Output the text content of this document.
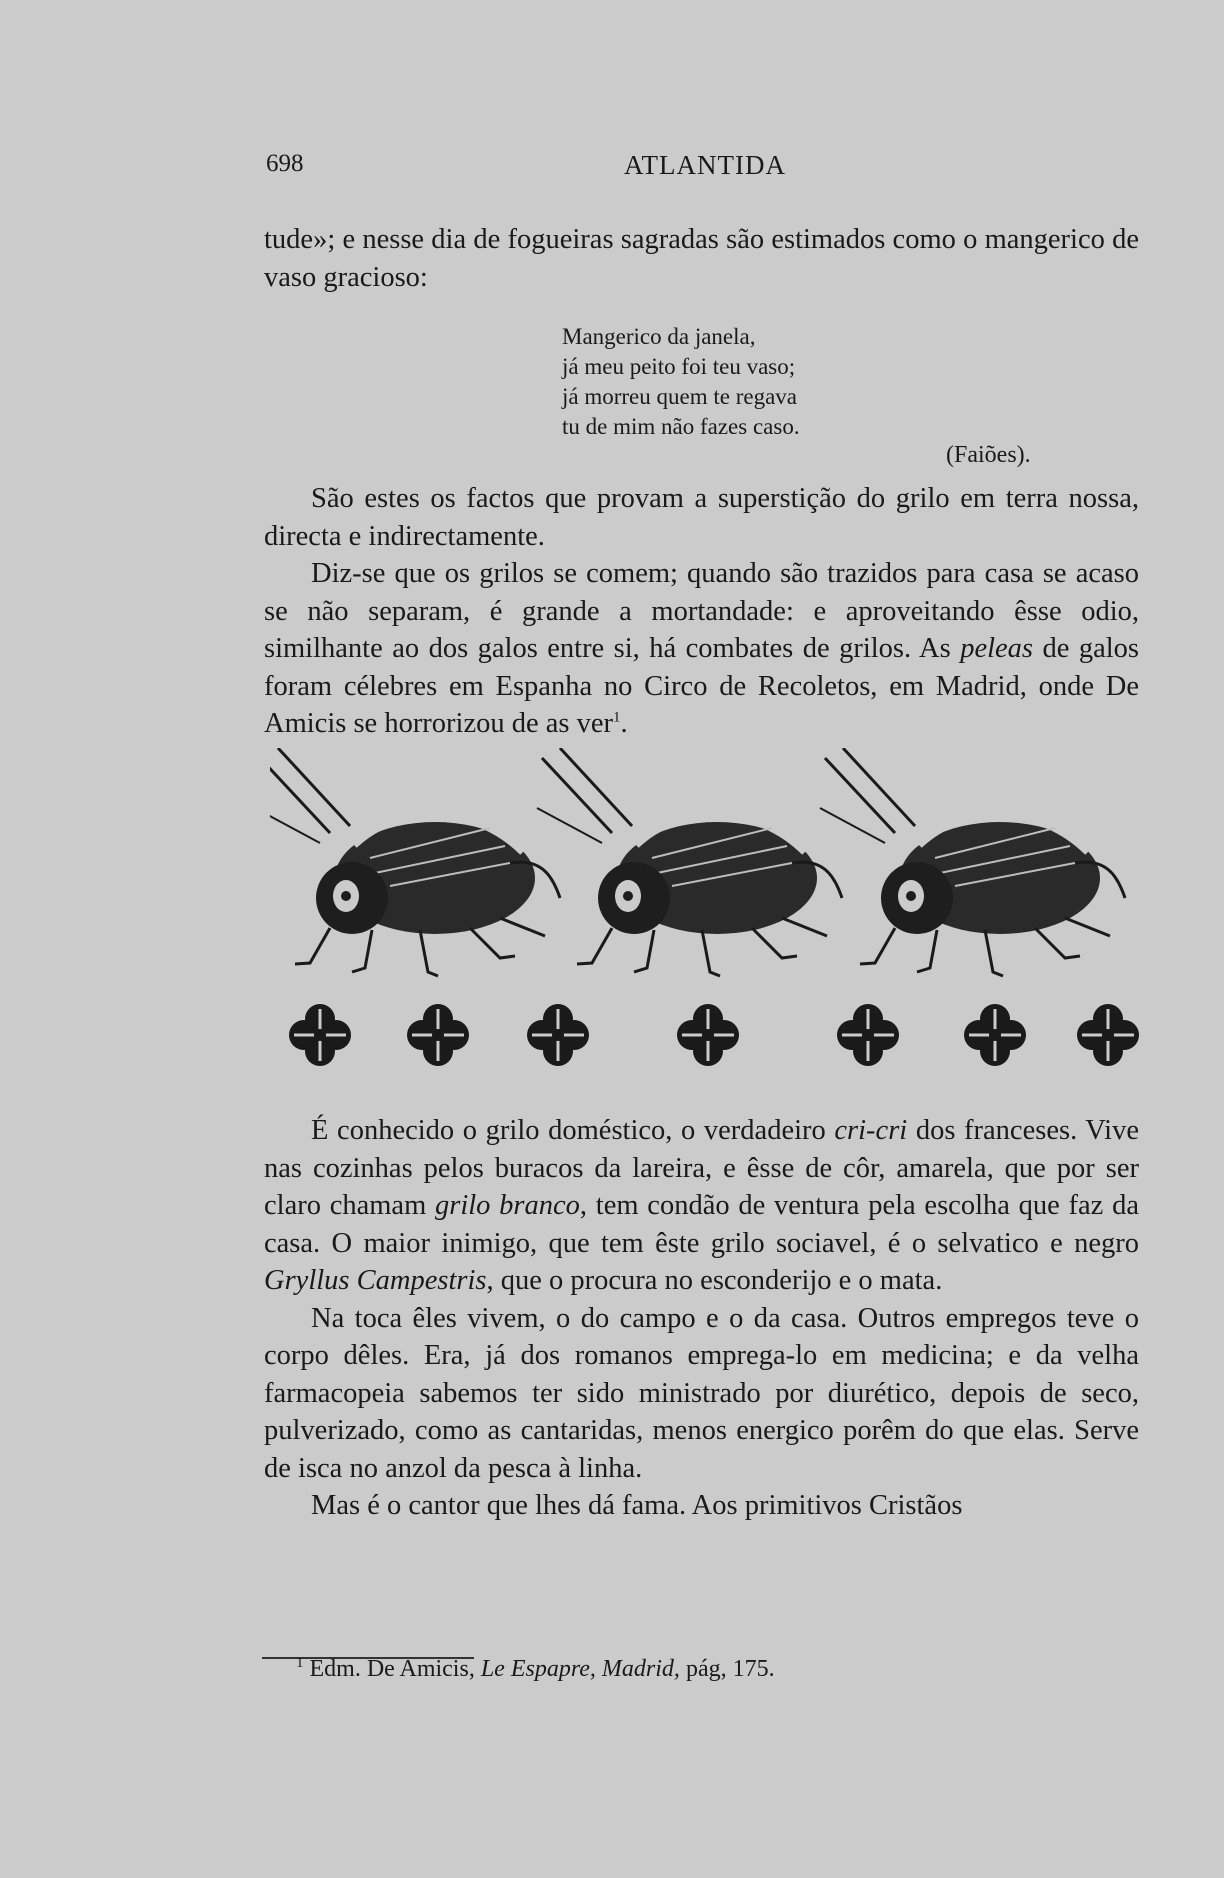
698	ATLANTIDA

tude»; e nesse dia de fogueiras sagradas são estimados como o mangerico de vaso gracioso:

Mangerico da janela,
já meu peito foi teu vaso;
já morreu quem te regava
tu de mim não fazes caso.
(Faiões).

São estes os factos que provam a superstição do grilo em terra nossa, directa e indirectamente.

Diz-se que os grilos se comem; quando são trazidos para casa se acaso se não separam, é grande a mortandade: e aproveitando êsse odio, similhante ao dos galos entre si, há combates de grilos. As peleas de galos foram célebres em Espanha no Circo de Recoletos, em Madrid, onde De Amicis se horrorizou de as ver$^1$.

É conhecido o grilo doméstico, o verdadeiro cri-cri dos franceses. Vive nas cozinhas pelos buracos da lareira, e êsse de côr, amarela, que por ser claro chamam grilo branco, tem condão de ventura pela escolha que faz da casa. O maior inimigo, que tem êste grilo sociavel, é o selvatico e negro Gryllus Campestris, que o procura no esconderijo e o mata.

Na toca êles vivem, o do campo e o da casa. Outros empregos teve o corpo dêles. Era, já dos romanos emprega-lo em medicina; e da velha farmacopeia sabemos ter sido ministrado por diurético, depois de seco, pulverizado, como as cantaridas, menos energico porêm do que elas. Serve de isca no anzol da pesca à linha.

Mas é o cantor que lhes dá fama. Aos primitivos Cristãos

$^1$ Edm. De Amicis, Le Espapre, Madrid, pág, 175.
